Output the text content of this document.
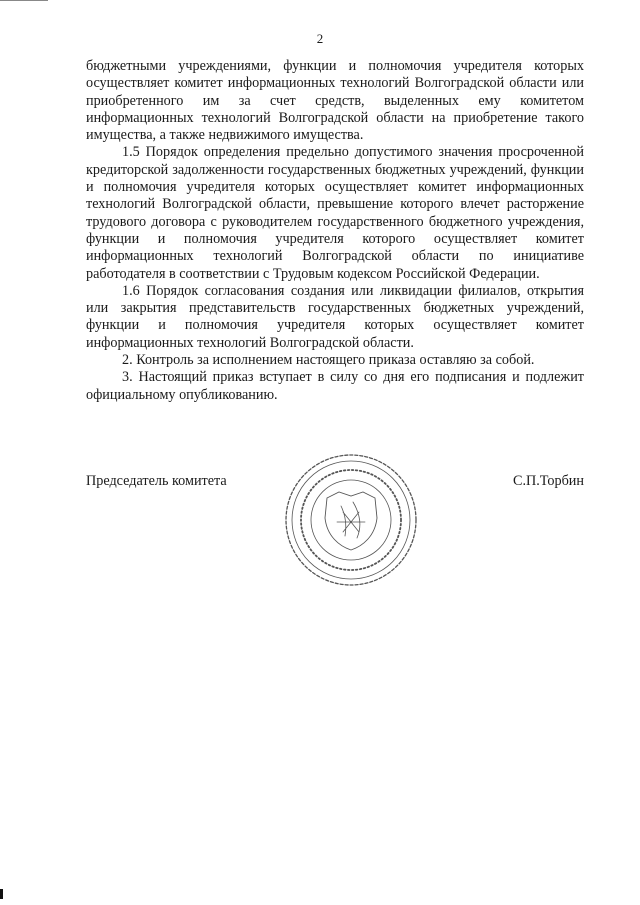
2

бюджетными учреждениями, функции и полномочия учредителя которых осуществляет комитет информационных технологий Волгоградской области или приобретенного им за счет средств, выделенных ему комитетом информационных технологий Волгоградской области на приобретение такого имущества, а также недвижимого имущества.

1.5 Порядок определения предельно допустимого значения просроченной кредиторской задолженности государственных бюджетных учреждений, функции и полномочия учредителя которых осуществляет комитет информационных технологий Волгоградской области, превышение которого влечет расторжение трудового договора с руководителем государственного бюджетного учреждения, функции и полномочия учредителя которого осуществляет комитет информационных технологий Волгоградской области по инициативе работодателя в соответствии с Трудовым кодексом Российской Федерации.

1.6 Порядок согласования создания или ликвидации филиалов, открытия или закрытия представительств государственных бюджетных учреждений, функции и полномочия учредителя которых осуществляет комитет информационных технологий Волгоградской области.

2. Контроль за исполнением настоящего приказа оставляю за собой.

3. Настоящий приказ вступает в силу со дня его подписания и подлежит официальному опубликованию.

Председатель комитета	С.П.Торбин
